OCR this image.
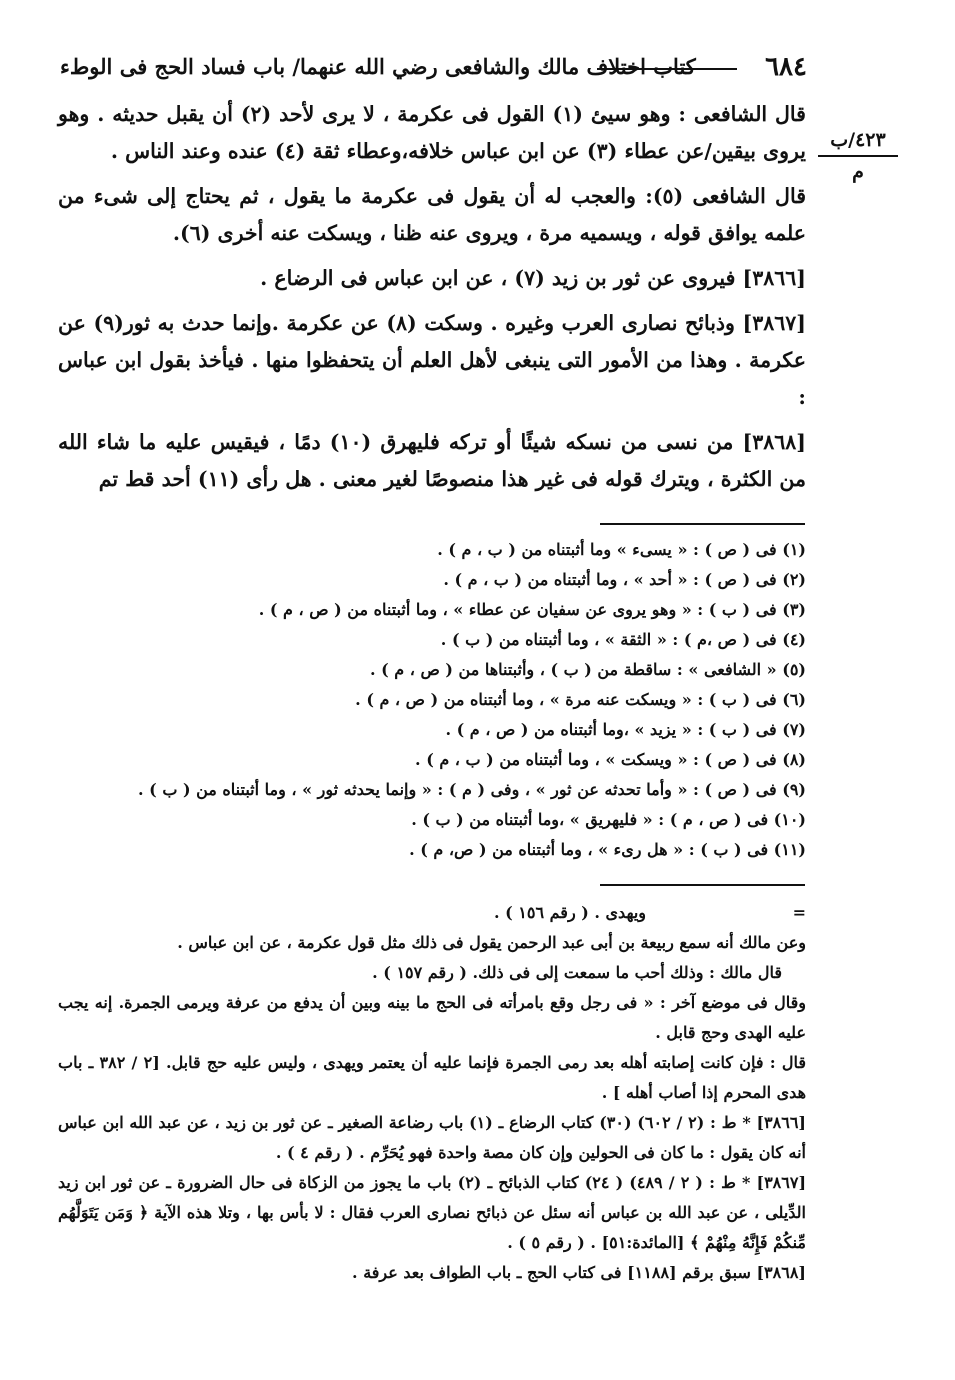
٦٨٤
كتاب اختلاف مالك والشافعى رضي الله عنهما/ باب فساد الحج فى الوطء
٤٢٣/ب
م

قال الشافعى : وهو سيئ (١) القول فى عكرمة ، لا يرى لأحد (٢) أن يقبل حديثه . وهو يروى بيقين/عن عطاء (٣) عن ابن عباس خلافه،وعطاء ثقة (٤) عنده وعند الناس .

قال الشافعى (٥): والعجب له أن يقول فى عكرمة ما يقول ، ثم يحتاج إلى شىء من علمه يوافق قوله ، ويسميه مرة ، ويروى عنه ظنا ، ويسكت عنه أخرى (٦).

[٣٨٦٦] فيروى عن ثور بن زيد (٧) ، عن ابن عباس فى الرضاع .

[٣٨٦٧] وذبائح نصارى العرب وغيره . وسكت (٨) عن عكرمة .وإنما حدث به ثور(٩) عن عكرمة . وهذا من الأمور التى ينبغى لأهل العلم أن يتحفظوا منها . فيأخذ بقول ابن عباس :

[٣٨٦٨] من نسى من نسكه شيئًا أو تركه فليهرق (١٠) دمًا ، فيقيس عليه ما شاء الله من الكثرة ، ويترك قوله فى غير هذا منصوصًا لغير معنى . هل رأى (١١) أحد قط تم

(١) فى ( ص ) : « يسىء » وما أثبتناه من ( ب ، م ) .
(٢) فى ( ص ) : « أحد » ، وما أثبتناه من ( ب ، م ) .
(٣) فى ( ب ) : « وهو يروى عن سفيان عن عطاء » ، وما أثبتناه من ( ص ، م ) .
(٤) فى ( ص ،م ) : « الثقة » ، وما أثبتناه من ( ب ) .
(٥) « الشافعى » : ساقطة من ( ب ) ، وأثبتناها من ( ص ، م ) .
(٦) فى ( ب ) : « ويسكت عنه مرة » ، وما أثبتناه من ( ص ، م ) .
(٧) فى ( ب ) : « يزيد » ،وما أثبتناه من ( ص ، م ) .
(٨) فى ( ص ) : « ويسكت » ، وما أثبتناه من ( ب ، م ) .
(٩) فى ( ص ) : « وأما تحدثه عن ثور » ، وفى ( م ) : « وإنما يحدثه ثور » ، وما أثبتناه من ( ب ) .
(١٠) فى ( ص ، م ) : « فليهريق » ،وما أثبتناه من ( ب ) .
(١١) فى ( ب ) : « هل رىء » ، وما أثبتناه من ( ص، م ) .
=

ويهدى . ( رقم ١٥٦ ) .

وعن مالك أنه سمع ربيعة بن أبى عبد الرحمن يقول فى ذلك مثل قول عكرمة ، عن ابن عباس .

قال مالك : وذلك أحب ما سمعت إلى فى ذلك. ( رقم ١٥٧ ) .

وقال فى موضع آخر : « فى رجل وقع بامرأته فى الحج ما بينه وبين أن يدفع من عرفة ويرمى الجمرة. إنه يجب عليه الهدى وحج قابل .

قال : فإن كانت إصابته أهله بعد رمى الجمرة فإنما عليه أن يعتمر ويهدى ، وليس عليه حج قابل. [٢ / ٣٨٢ ـ باب هدى المحرم إذا أصاب أهله ] .

[٣٨٦٦] * ط : (٢ / ٦٠٢) (٣٠) كتاب الرضاع ـ (١) باب رضاعة الصغير ـ عن ثور بن زيد ، عن عبد الله ابن عباس أنه كان يقول : ما كان فى الحولين وإن كان مصة واحدة فهو يُحَرِّم . ( رقم ٤ ) .

[٣٨٦٧] * ط : ( ٢ / ٤٨٩) ( ٢٤) كتاب الذبائح ـ (٢) باب ما يجوز من الزكاة فى حال الضرورة ـ عن ثور ابن زيد الدِّيلى ، عن عبد الله بن عباس أنه سئل عن ذبائح نصارى العرب فقال : لا بأس بها ، وتلا هذه الآية ﴿ وَمَن يَتَوَلَّهُم مِّنكُمْ فَإِنَّهُ مِنْهُمْ ﴾ [المائدة:٥١] . ( رقم ٥ ) .

[٣٨٦٨] سبق برقم [١١٨٨] فى كتاب الحج ـ باب الطواف بعد عرفة .
